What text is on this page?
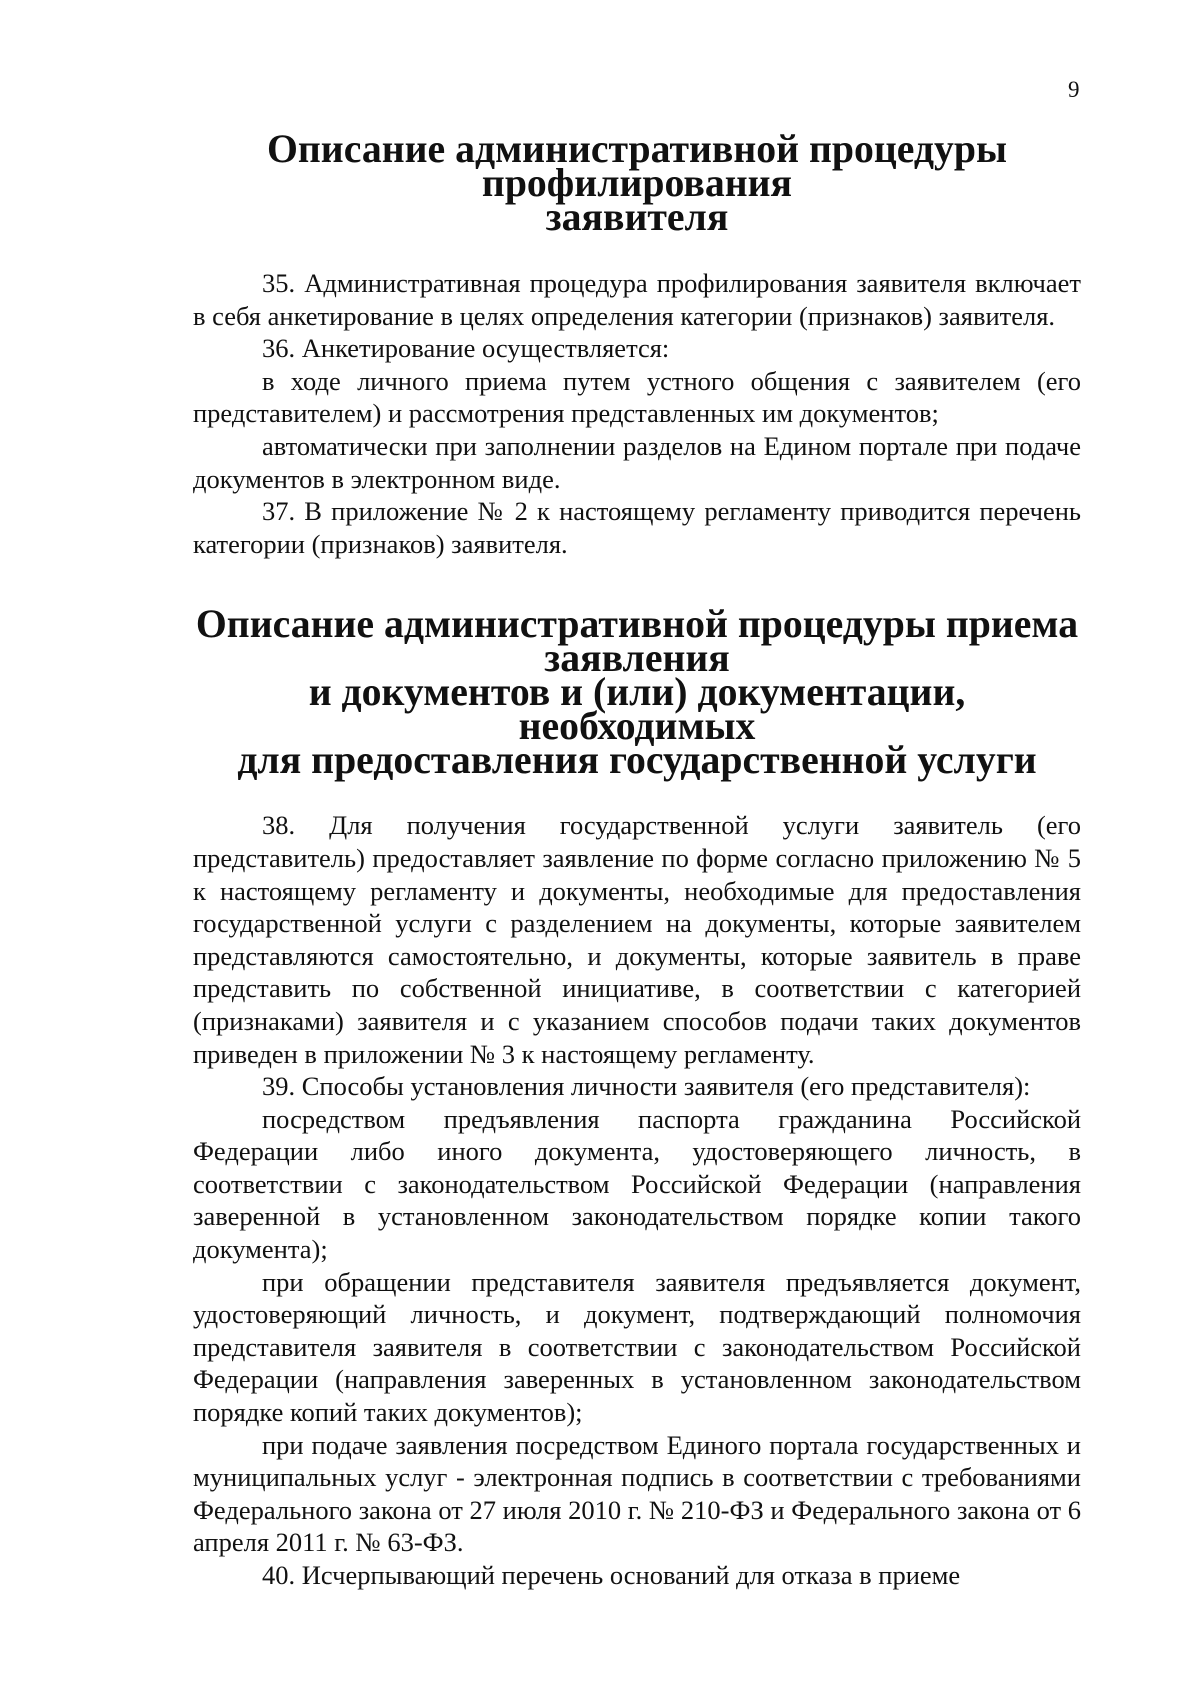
9
Описание административной процедуры профилирования
заявителя

35. Административная процедура профилирования заявителя включает в себя анкетирование в целях определения категории (признаков) заявителя.

36. Анкетирование осуществляется:

в ходе личного приема путем устного общения с заявителем (его представителем) и рассмотрения представленных им документов;

автоматически при заполнении разделов на Едином портале при подаче документов в электронном виде.

37. В приложение № 2 к настоящему регламенту приводится перечень категории (признаков) заявителя.

Описание административной процедуры приема заявления
и документов и (или) документации, необходимых
для предоставления государственной услуги

38. Для получения государственной услуги заявитель (его представитель) предоставляет заявление по форме согласно приложению № 5 к настоящему регламенту и документы, необходимые для предоставления государственной услуги с разделением на документы, которые заявителем представляются самостоятельно, и документы, которые заявитель в праве представить по собственной инициативе, в соответствии с категорией (признаками) заявителя и с указанием способов подачи таких документов приведен в приложении № 3 к настоящему регламенту.

39. Способы установления личности заявителя (его представителя):

посредством предъявления паспорта гражданина Российской Федерации либо иного документа, удостоверяющего личность, в соответствии с законодательством Российской Федерации (направления заверенной в установленном законодательством порядке копии такого документа);

при обращении представителя заявителя предъявляется документ, удостоверяющий личность, и документ, подтверждающий полномочия представителя заявителя в соответствии с законодательством Российской Федерации (направления заверенных в установленном законодательством порядке копий таких документов);

при подаче заявления посредством Единого портала государственных и муниципальных услуг - электронная подпись в соответствии с требованиями Федерального закона от 27 июля 2010 г. № 210-ФЗ и Федерального закона от 6 апреля 2011 г. № 63-ФЗ.

40. Исчерпывающий перечень оснований для отказа в приеме
